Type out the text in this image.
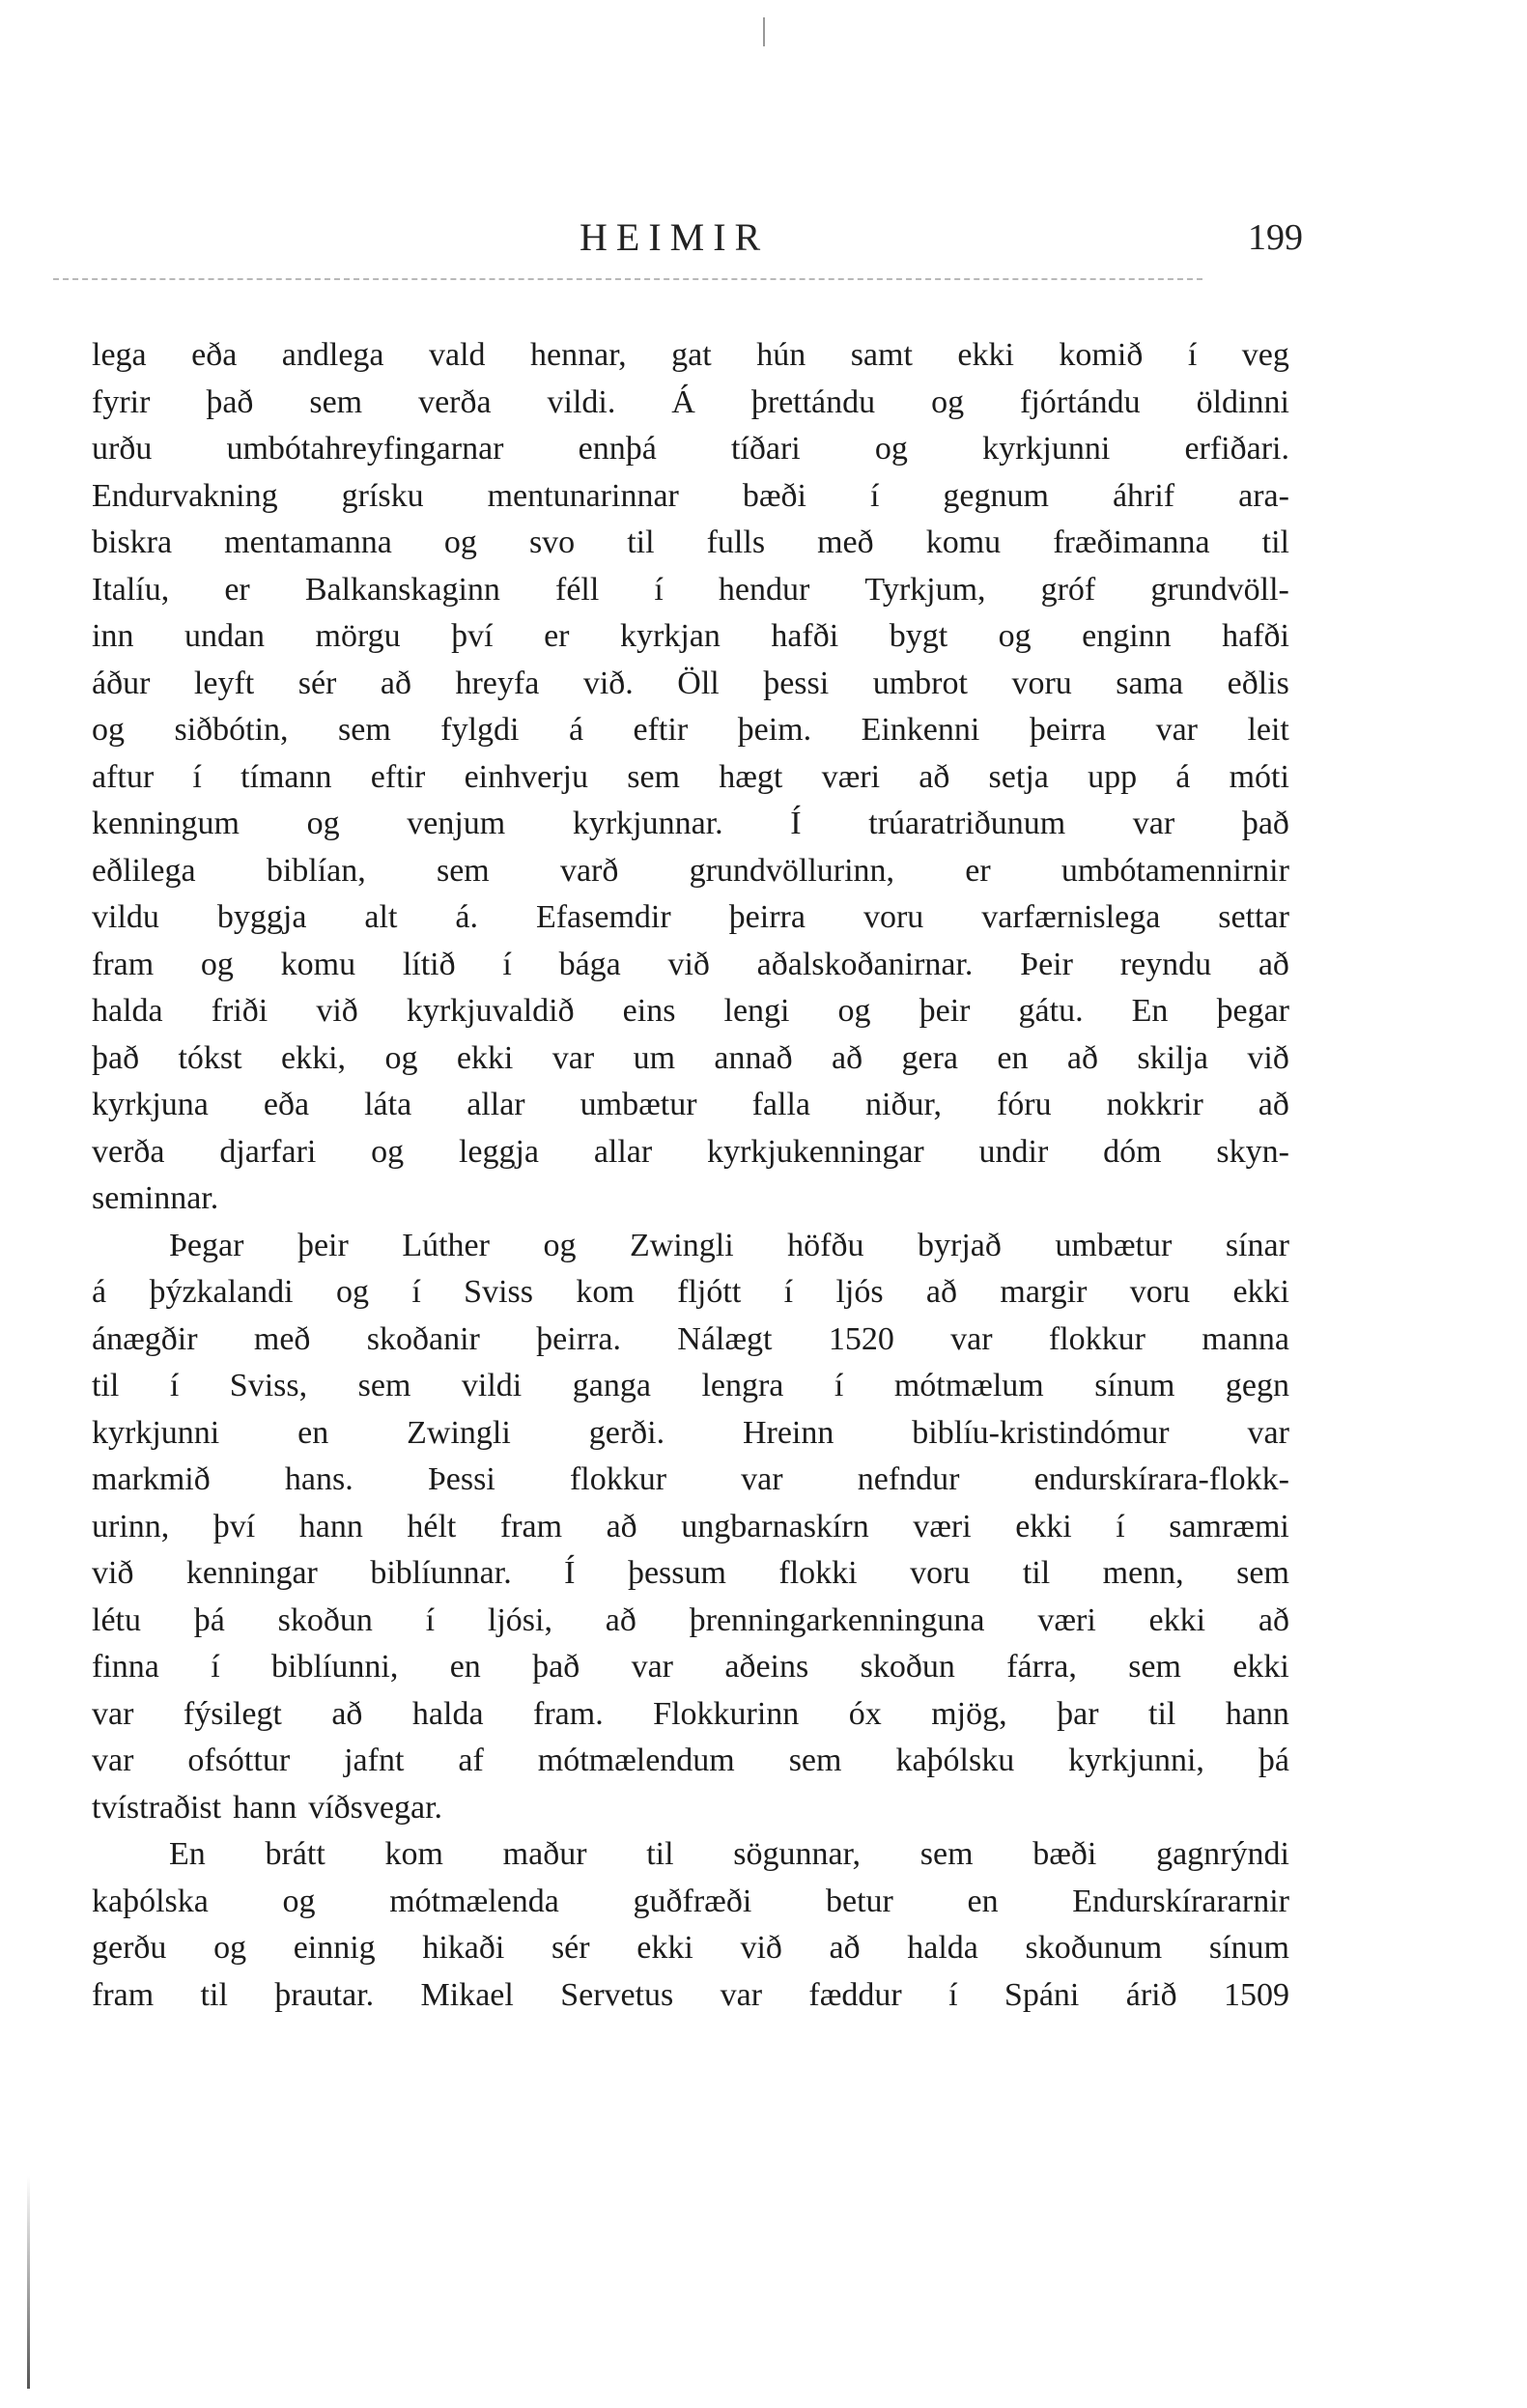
HEIMIR	199
lega eða andlega vald hennar, gat hún samt ekki komið í veg
fyrir það sem verða vildi. Á þrettándu og fjórtándu öldinni
urðu umbótahreyfingarnar ennþá tíðari og kyrkjunni erfiðari.
Endurvakning grísku mentunarinnar bæði í gegnum áhrif ara-
biskra mentamanna og svo til fulls með komu fræðimanna til
Italíu, er Balkanskaginn féll í hendur Tyrkjum, gróf grundvöll-
inn undan mörgu því er kyrkjan hafði bygt og enginn hafði
áður leyft sér að hreyfa við. Öll þessi umbrot voru sama eðlis
og siðbótin, sem fylgdi á eftir þeim. Einkenni þeirra var leit
aftur í tímann eftir einhverju sem hægt væri að setja upp á móti
kenningum og venjum kyrkjunnar. Í trúaratriðunum var það
eðlilega biblían, sem varð grundvöllurinn, er umbótamennirnir
vildu byggja alt á. Efasemdir þeirra voru varfærnislega settar
fram og komu lítið í bága við aðalskoðanirnar. Þeir reyndu að
halda friði við kyrkjuvaldið eins lengi og þeir gátu. En þegar
það tókst ekki, og ekki var um annað að gera en að skilja við
kyrkjuna eða láta allar umbætur falla niður, fóru nokkrir að
verða djarfari og leggja allar kyrkjukenningar undir dóm skyn-
seminnar.
Þegar þeir Lúther og Zwingli höfðu byrjað umbætur sínar
á þýzkalandi og í Sviss kom fljótt í ljós að margir voru ekki
ánægðir með skoðanir þeirra. Nálægt 1520 var flokkur manna
til í Sviss, sem vildi ganga lengra í mótmælum sínum gegn
kyrkjunni en Zwingli gerði. Hreinn biblíu-kristindómur var
markmið hans. Þessi flokkur var nefndur endurskírara-flokk-
urinn, því hann hélt fram að ungbarnaskírn væri ekki í samræmi
við kenningar biblíunnar. Í þessum flokki voru til menn, sem
létu þá skoðun í ljósi, að þrenningarkenninguna væri ekki að
finna í biblíunni, en það var aðeins skoðun fárra, sem ekki
var fýsilegt að halda fram. Flokkurinn óx mjög, þar til hann
var ofsóttur jafnt af mótmælendum sem kaþólsku kyrkjunni, þá
tvístraðist hann víðsvegar.
En brátt kom maður til sögunnar, sem bæði gagnrýndi
kaþólska og mótmælenda guðfræði betur en Endurskírararnir
gerðu og einnig hikaði sér ekki við að halda skoðunum sínum
fram til þrautar. Mikael Servetus var fæddur í Spáni árið 1509
